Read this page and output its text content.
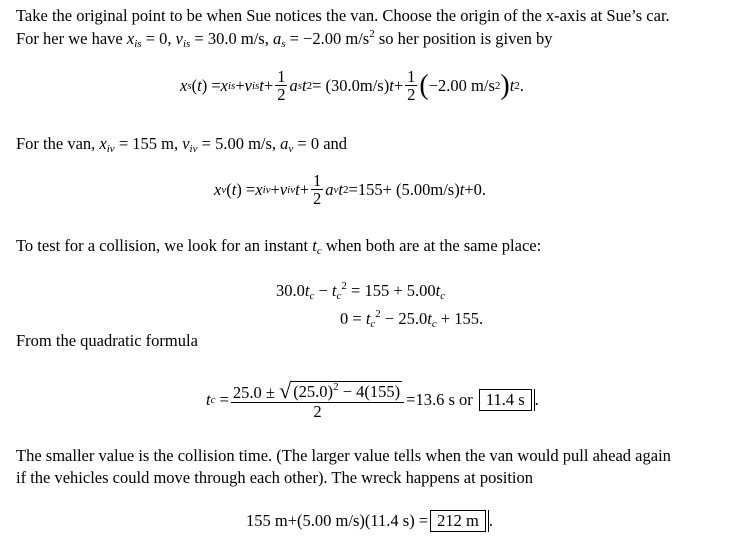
Take the original point to be when Sue notices the van. Choose the origin of the x-axis at Sue’s car.
For her we have $x_{is} = 0$, $v_{is} = 30.0$ m/s, $a_s = -2.00$ $m/s^2$ so her position is given by
x s ( t ) = x is + v is $t + \frac{1}{2}$ a s t 2 = ( 30.0 m/s ) $t + \frac{1}{2}$ ( −2.00
m/s 2 ) t 2 .
For the van, $x_{iv} = 155$ m, $v_{iv} = 5.00$ m/s, $a_v = 0$ and
x v ( t ) = x iv + v iv $t + \frac{1}{2}$ a v t 2 = 155 + ( 5.00 m/s ) t + 0 .
To test for a collision, we look for an instant $t_c$ when both are at the same place:
$30.0t_c - t_c^2 = 155 + 5.00t_c$
$0 = t_c^2 - 25.0t_c + 155$.
From the quadratic formula
t $c = \frac{25.0 \pm √ (25.0)^2 - 4(155)}{2} = 13.6$
s
or
11.4 s .
The smaller value is the collision time. (The larger value tells when the van would pull ahead again
if the vehicles could move through each other). The wreck happens at position
155
m + (5.00
m/s ) (11.4
s ) = 212 m .
